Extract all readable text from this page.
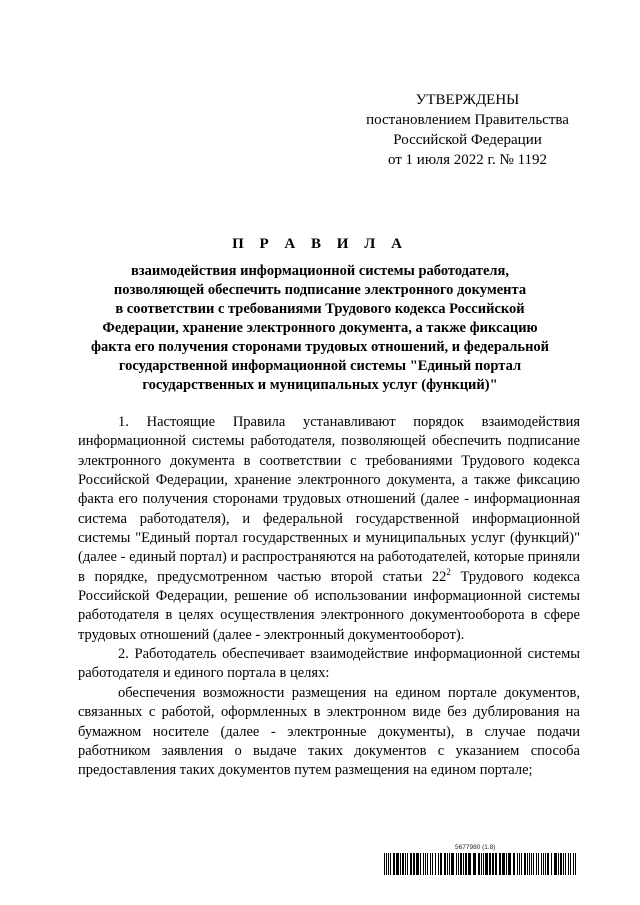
УТВЕРЖДЕНЫ
постановлением Правительства
Российской Федерации
от 1 июля 2022 г. № 1192
П Р А В И Л А
взаимодействия информационной системы работодателя,
позволяющей обеспечить подписание электронного документа
в соответствии с требованиями Трудового кодекса Российской
Федерации, хранение электронного документа, а также фиксацию
факта его получения сторонами трудовых отношений, и федеральной
государственной информационной системы "Единый портал
государственных и муниципальных услуг (функций)"

1. Настоящие Правила устанавливают порядок взаимодействия информационной системы работодателя, позволяющей обеспечить подписание электронного документа в соответствии с требованиями Трудового кодекса Российской Федерации, хранение электронного документа, а также фиксацию факта его получения сторонами трудовых отношений (далее - информационная система работодателя), и федеральной государственной информационной системы "Единый портал государственных и муниципальных услуг (функций)" (далее - единый портал) и распространяются на работодателей, которые приняли в порядке, предусмотренном частью второй статьи $22^2$ Трудового кодекса Российской Федерации, решение об использовании информационной системы работодателя в целях осуществления электронного документооборота в сфере трудовых отношений (далее - электронный документооборот).

2. Работодатель обеспечивает взаимодействие информационной системы работодателя и единого портала в целях:

обеспечения возможности размещения на едином портале документов, связанных с работой, оформленных в электронном виде без дублирования на бумажном носителе (далее - электронные документы), в случае подачи работником заявления о выдаче таких документов с указанием способа предоставления таких документов путем размещения на едином портале;

5677980 (1.8)
